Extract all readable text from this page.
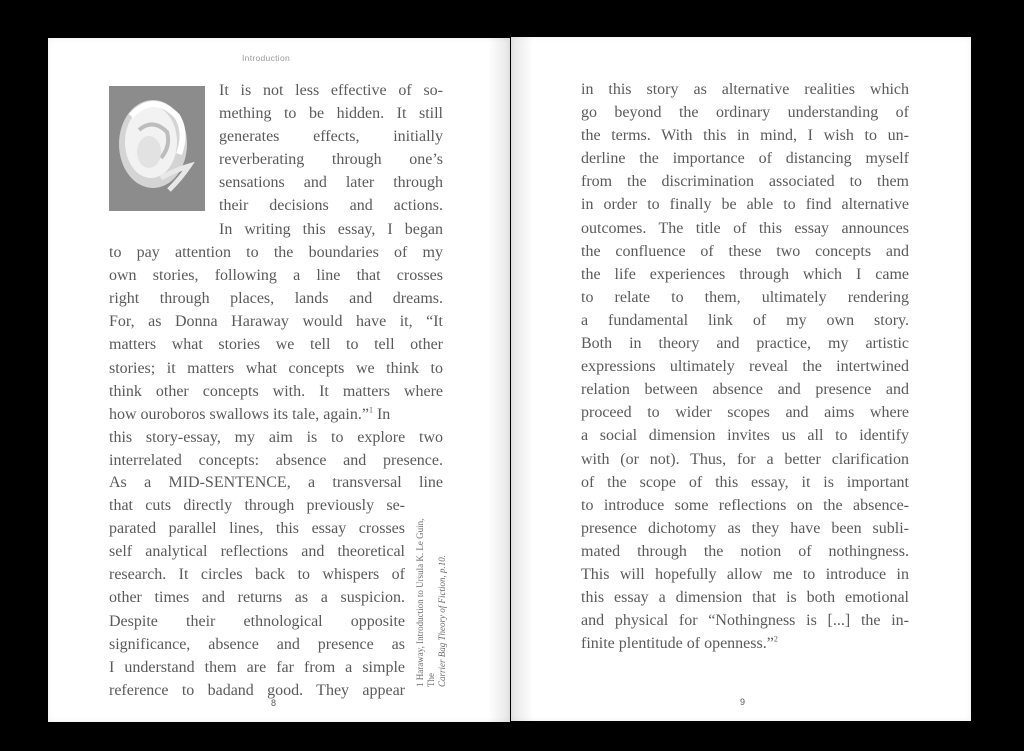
Introduction
It is not less effective of so-
mething to be hidden. It still
generates effects, initially
reverberating through one’s
sensations and later through
their decisions and actions.
In writing this essay, I began
to pay attention to the boundaries of my
own stories, following a line that crosses
right through places, lands and dreams.
For, as Donna Haraway would have it, “It
matters what stories we tell to tell other
stories; it matters what concepts we think to
think other concepts with. It matters where
how ouroboros swallows its tale, again.”$^1$ In
this story-essay, my aim is to explore two
interrelated concepts: absence and presence.
As a MID-SENTENCE, a transversal line
that cuts directly through previously se-
parated parallel lines, this essay crosses
self analytical reflections and theoretical
research. It circles back to whispers of
other times and returns as a suspicion.
Despite their ethnological opposite
significance, absence and presence as
I understand them are far from a simple
reference to badand good. They appear
1 Haraway, Introduction to Ursula K. Le Guin, The Carrier Bag Theory of Fiction, p.10.
8
in this story as alternative realities which
go beyond the ordinary understanding of
the terms. With this in mind, I wish to un-
derline the importance of distancing myself
from the discrimination associated to them
in order to finally be able to find alternative
outcomes. The title of this essay announces
the confluence of these two concepts and
the life experiences through which I came
to relate to them, ultimately rendering
a fundamental link of my own story.
Both in theory and practice, my artistic
expressions ultimately reveal the intertwined
relation between absence and presence and
proceed to wider scopes and aims where
a social dimension invites us all to identify
with (or not). Thus, for a better clarification
of the scope of this essay, it is important
to introduce some reflections on the absence-
presence dichotomy as they have been subli-
mated through the notion of nothingness.
This will hopefully allow me to introduce in
this essay a dimension that is both emotional
and physical for “Nothingness is [...] the in-
finite plentitude of openness.”$^2$
9
